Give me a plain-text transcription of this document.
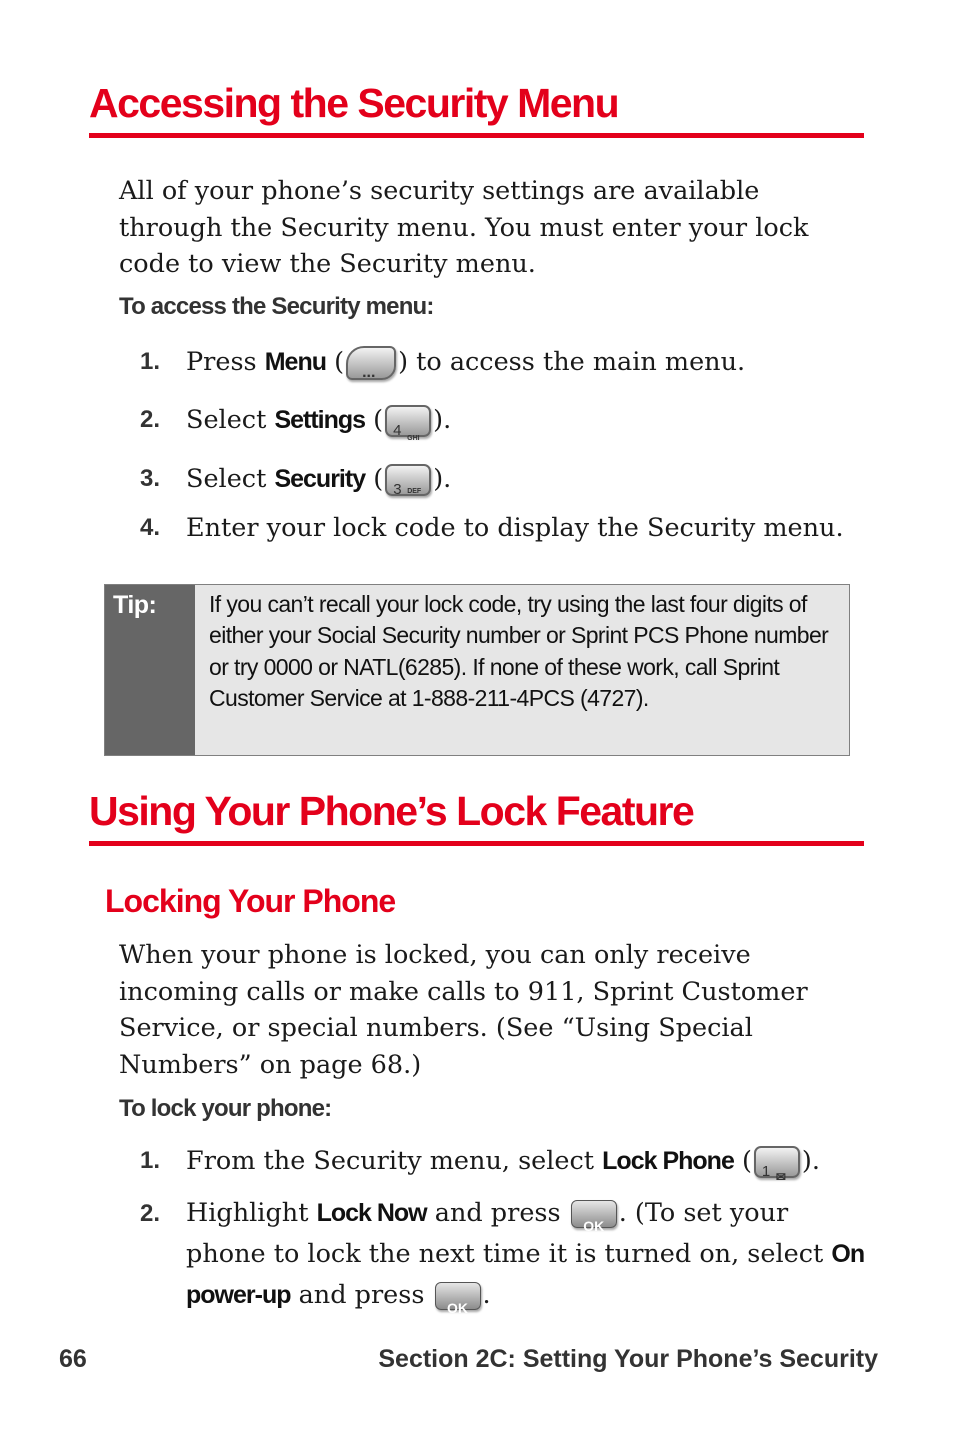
Accessing the Security Menu

All of your phone’s security settings are available through the Security menu. You must enter your lock code to view the Security menu.

To access the Security menu:
1. Press Menu ( ... ) to access the main menu.
2. Select Settings ( 4 GHI
).
3. Select Security ( 3 DEF ).
4. Enter your lock code to display the Security menu.
Tip: If you can’t recall your lock code, try using the last four digits of either your Social Security number or Sprint PCS Phone number or try 0000 or NATL(6285). If none of these work, call Sprint Customer Service at 1-888-211-4PCS (4727).

Using Your Phone’s Lock Feature
Locking Your Phone

When your phone is locked, you can only receive incoming calls or make calls to 911, Sprint Customer Service, or special numbers. (See “Using Special Numbers” on page 68.)

To lock your phone:
1. From the Security menu, select Lock Phone ( 1 ✉
).
2. Highlight Lock Now and press	OK . (To set your phone to lock the next time it is turned on, select On power-up and press	OK .
66	Section 2C: Setting Your Phone’s Security
